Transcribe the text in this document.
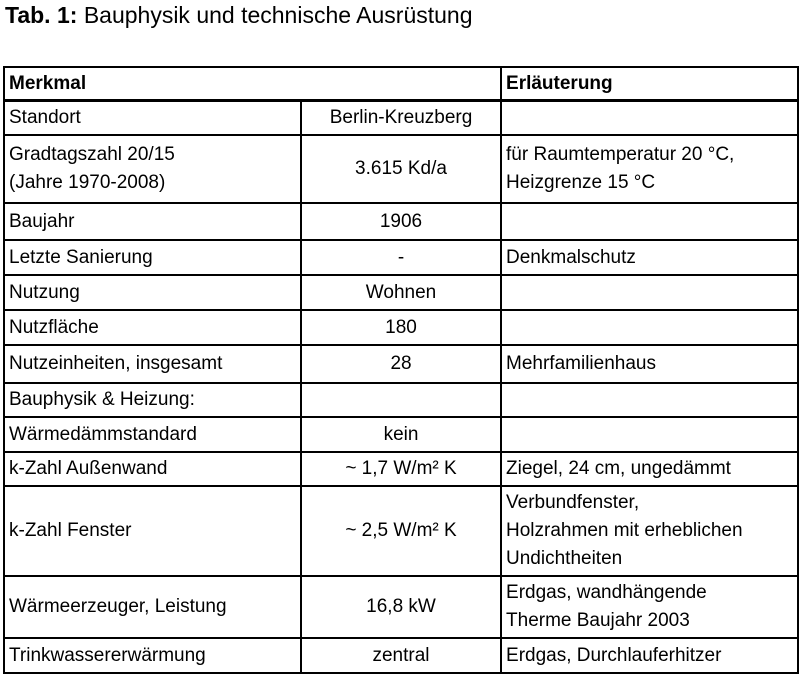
Tab. 1: Bauphysik und technische Ausrüstung
Merkmal		Erläuterung

Standort	Berlin-Kreuzberg	

Gradtagszahl 20/15
(Jahre 1970-2008)	3.615 Kd/a	für Raumtemperatur 20 °C,
Heizgrenze 15 °C

Baujahr	1906	

Letzte Sanierung	-	Denkmalschutz

Nutzung	Wohnen	

Nutzfläche	180	

Nutzeinheiten, insgesamt	28	Mehrfamilienhaus

Bauphysik & Heizung:		

Wärmedämmstandard	kein	

k-Zahl Außenwand	~ 1,7 W/m² K	Ziegel, 24 cm, ungedämmt

k-Zahl Fenster	~ 2,5 W/m² K	Verbundfenster,
Holzrahmen mit erheblichen
Undichtheiten

Wärmeerzeuger, Leistung	16,8 kW	Erdgas, wandhängende
Therme Baujahr 2003

Trinkwassererwärmung	zentral	Erdgas, Durchlauferhitzer
